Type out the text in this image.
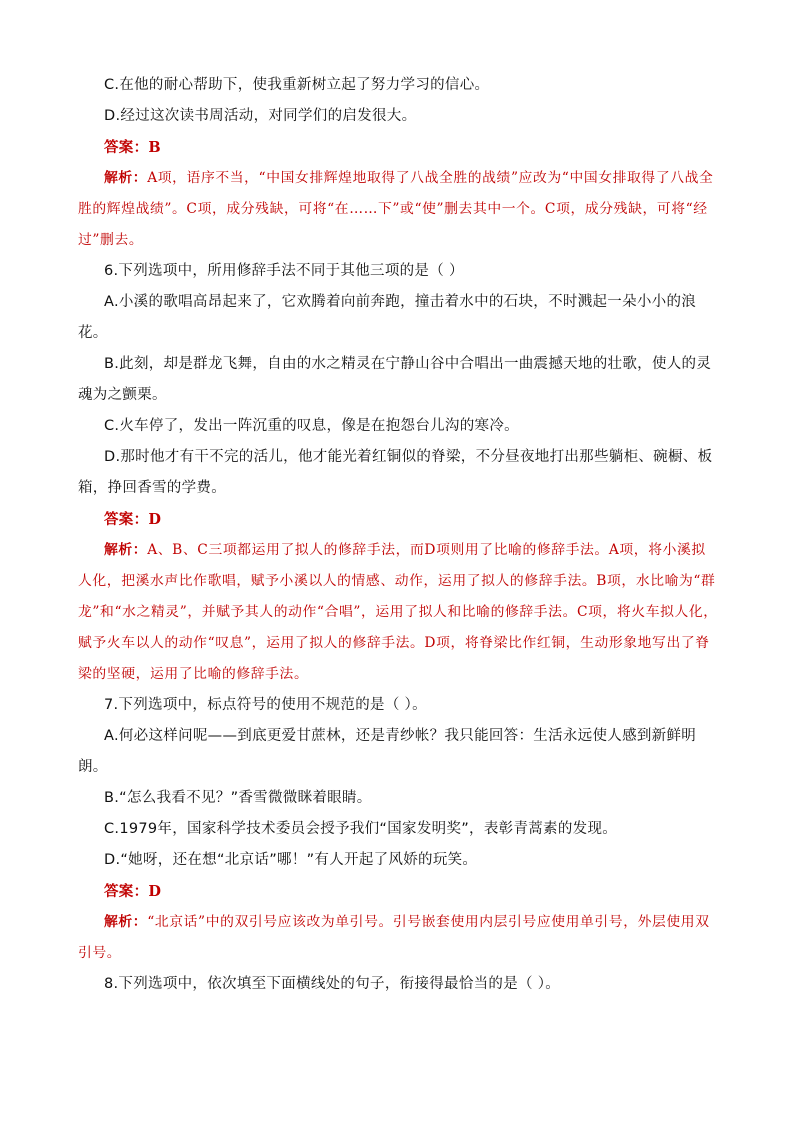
C.在他的耐心帮助下，使我重新树立起了努力学习的信心。

D.经过这次读书周活动，对同学们的启发很大。

答案：B

解析：A项，语序不当，“中国女排辉煌地取得了八战全胜的战绩”应改为“中国女排取得了八战全胜的辉煌战绩”。C项，成分残缺，可将“在……下”或“使”删去其中一个。C项，成分残缺，可将“经过”删去。

6.下列选项中，所用修辞手法不同于其他三项的是（ ）

A.小溪的歌唱高昂起来了，它欢腾着向前奔跑，撞击着水中的石块，不时溅起一朵小小的浪花。

B.此刻，却是群龙飞舞，自由的水之精灵在宁静山谷中合唱出一曲震撼天地的壮歌，使人的灵魂为之颤栗。

C.火车停了，发出一阵沉重的叹息，像是在抱怨台儿沟的寒冷。

D.那时他才有干不完的活儿，他才能光着红铜似的脊梁，不分昼夜地打出那些躺柜、碗橱、板箱，挣回香雪的学费。

答案：D

解析：A、B、C三项都运用了拟人的修辞手法，而D项则用了比喻的修辞手法。A项，将小溪拟人化，把溪水声比作歌唱，赋予小溪以人的情感、动作，运用了拟人的修辞手法。B项，水比喻为“群龙”和“水之精灵”，并赋予其人的动作“合唱”，运用了拟人和比喻的修辞手法。C项，将火车拟人化，赋予火车以人的动作“叹息”，运用了拟人的修辞手法。D项，将脊梁比作红铜，生动形象地写出了脊梁的坚硬，运用了比喻的修辞手法。

7.下列选项中，标点符号的使用不规范的是（ ）。

A.何必这样问呢——到底更爱甘蔗林，还是青纱帐？我只能回答：生活永远使人感到新鲜明朗。

B.“怎么我看不见？”香雪微微眯着眼睛。

C.1979年，国家科学技术委员会授予我们“国家发明奖”，表彰青蒿素的发现。

D.“她呀，还在想“北京话”哪！”有人开起了风娇的玩笑。

答案：D

解析：“北京话”中的双引号应该改为单引号。引号嵌套使用内层引号应使用单引号，外层使用双引号。

8.下列选项中，依次填至下面横线处的句子，衔接得最恰当的是（ ）。
